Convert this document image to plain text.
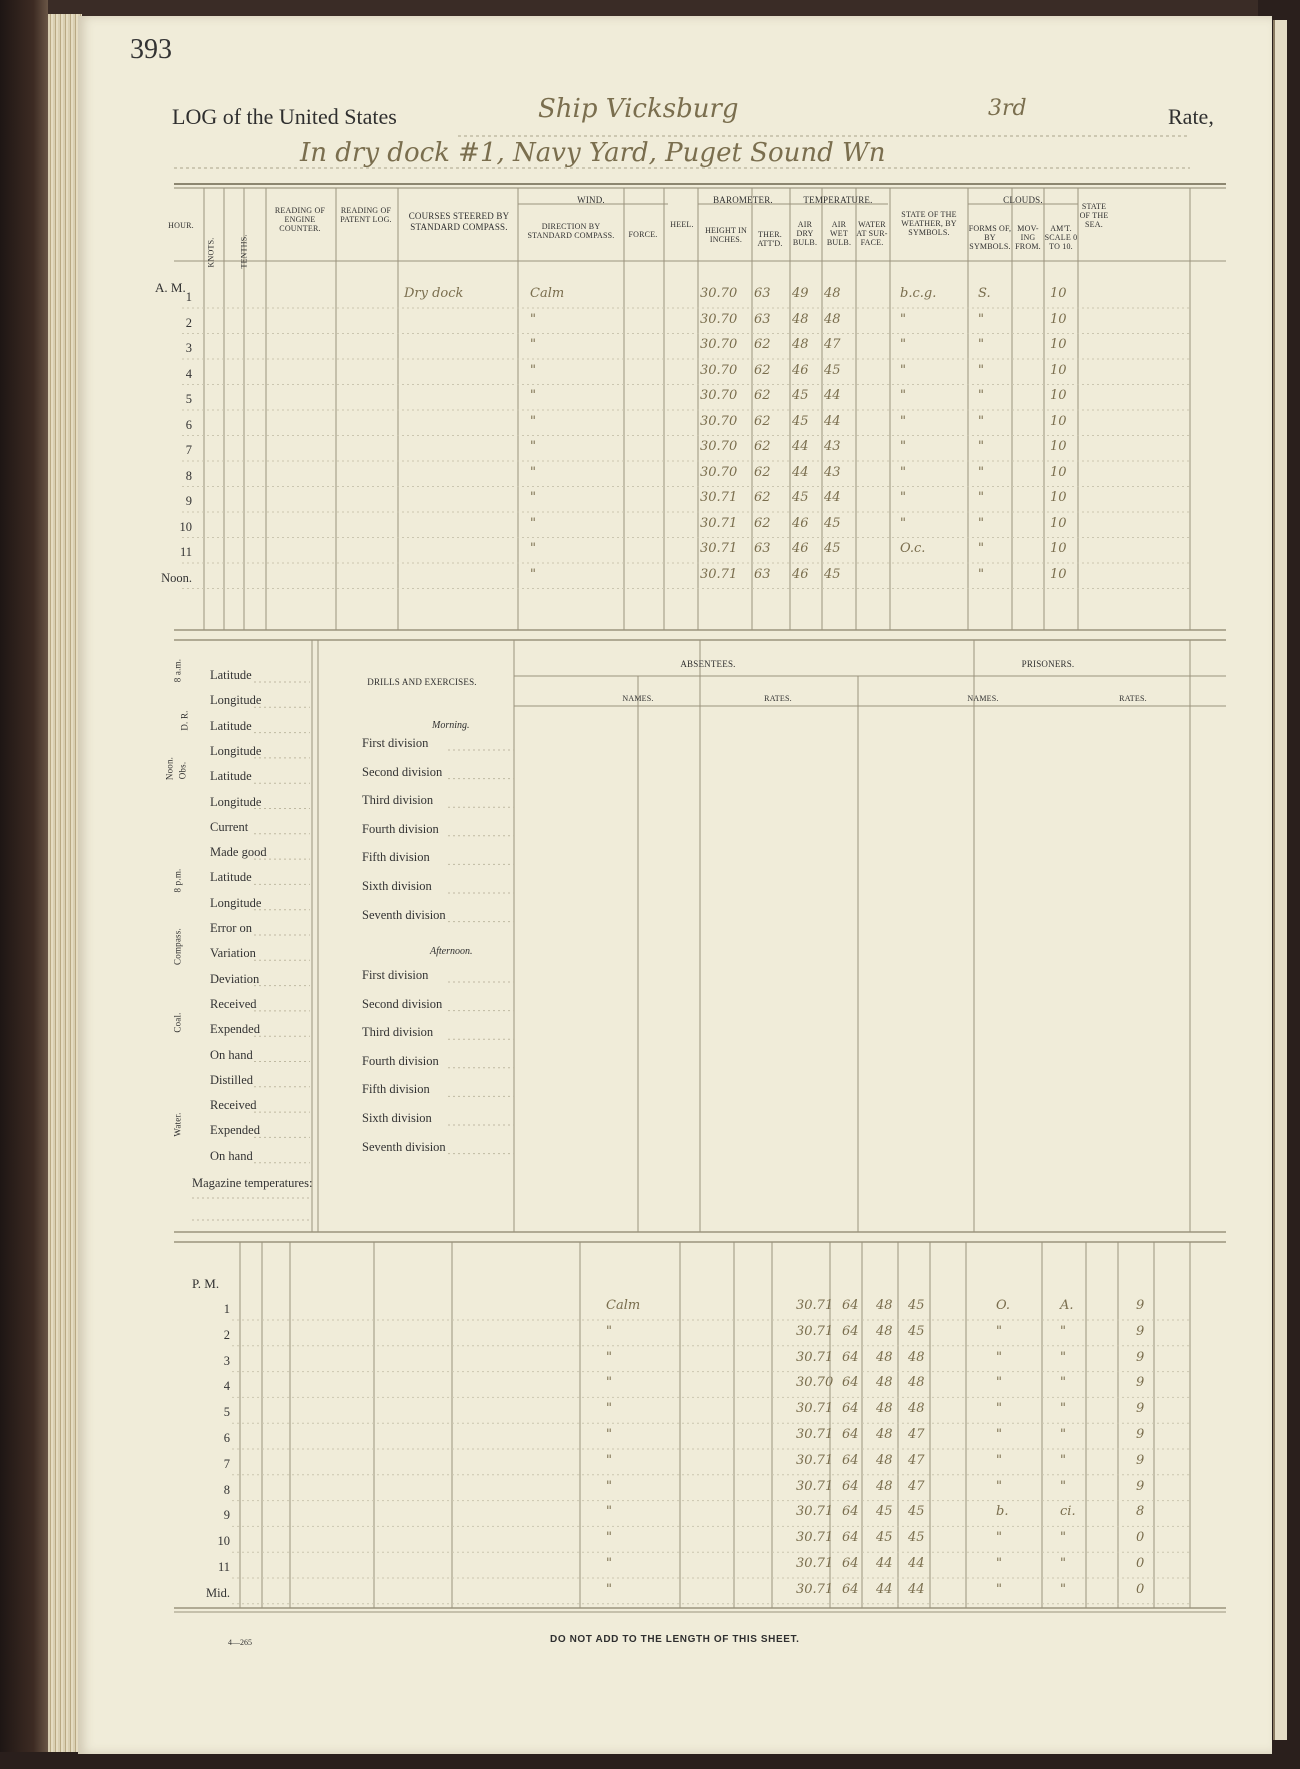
393
LOG of the United States	Ship Vicksburg	3rd	Rate,
In dry dock #1, Navy Yard, Puget Sound Wn
HOUR.
KNOTS.	TENTHS.
READING OF ENGINE COUNTER.
READING OF PATENT LOG.	COURSES STEERED BY STANDARD COMPASS.
WIND.
DIRECTION BY STANDARD COMPASS.	FORCE.
HEEL.
BAROMETER.
HEIGHT IN INCHES.
THER. ATT'D.
TEMPERATURE.
AIR DRY BULB.
AIR WET BULB.
WATER AT SUR-FACE.
STATE OF THE WEATHER, BY SYMBOLS.
CLOUDS.
FORMS OF, BY SYMBOLS.
MOV-ING FROM.
AM'T. SCALE 0 TO 10.
STATE OF THE SEA.
A. M.
1	Dry dock	Calm	30.70 63 49 48	b.c.g.	S.	10
2	"	30.70 63 48 48	"	"	10
3	"	30.70 62 48 47	"	"	10
4	"	30.70 62 46 45	"	"	10
5	"	30.70 62 45 44	"	"	10
6	"	30.70 62 45 44	"	"	10
7	"	30.70 62 44 43	"	"	10
8	"	30.70 62 44 43	"	"	10
9	"	30.71 62 45 44	"	"	10
10	"	30.71 62 46 45	"	"	10
11	"	30.71 63 46 45	O.c.	"	10
Noon.	"	30.71 63 46 45	"	10
Latitude
Longitude
Latitude
Longitude
Latitude
Longitude
Current
Made good
Latitude
Longitude
Error on
Variation
Deviation
Received
Expended
On hand
Distilled
Received
Expended
On hand
8 a.m.
D. R.
Noon. Obs.
8 p.m.
Compass.
Coal.
Water.
Magazine temperatures:
DRILLS AND EXERCISES.
Morning.
Afternoon.
First division
Second division
Third division
Fourth division
Fifth division
Sixth division
Seventh division
First division
Second division
Third division
Fourth division
Fifth division
Sixth division
Seventh division
ABSENTEES.
NAMES.	RATES.
PRISONERS.
NAMES.	RATES.
P. M.
1	Calm	30.71 64 48 45	O.	A.	9
2	"	30.71 64 48 45	"	"	9
3	"	30.71 64 48 48	"	"	9
4	"	30.70 64 48 48	"	"	9
5	"	30.71 64 48 48	"	"	9
6	"	30.71 64 48 47	"	"	9
7	"	30.71 64 48 47	"	"	9
8	"	30.71 64 48 47	"	"	9
9	"	30.71 64 45 45	b.	ci.	8
10	"	30.71 64 45 45	"	"	0
11	"	30.71 64 44 44	"	"	0
Mid.	"	30.71 64 44 44	"	"	0
4—265	DO NOT ADD TO THE LENGTH OF THIS SHEET.
